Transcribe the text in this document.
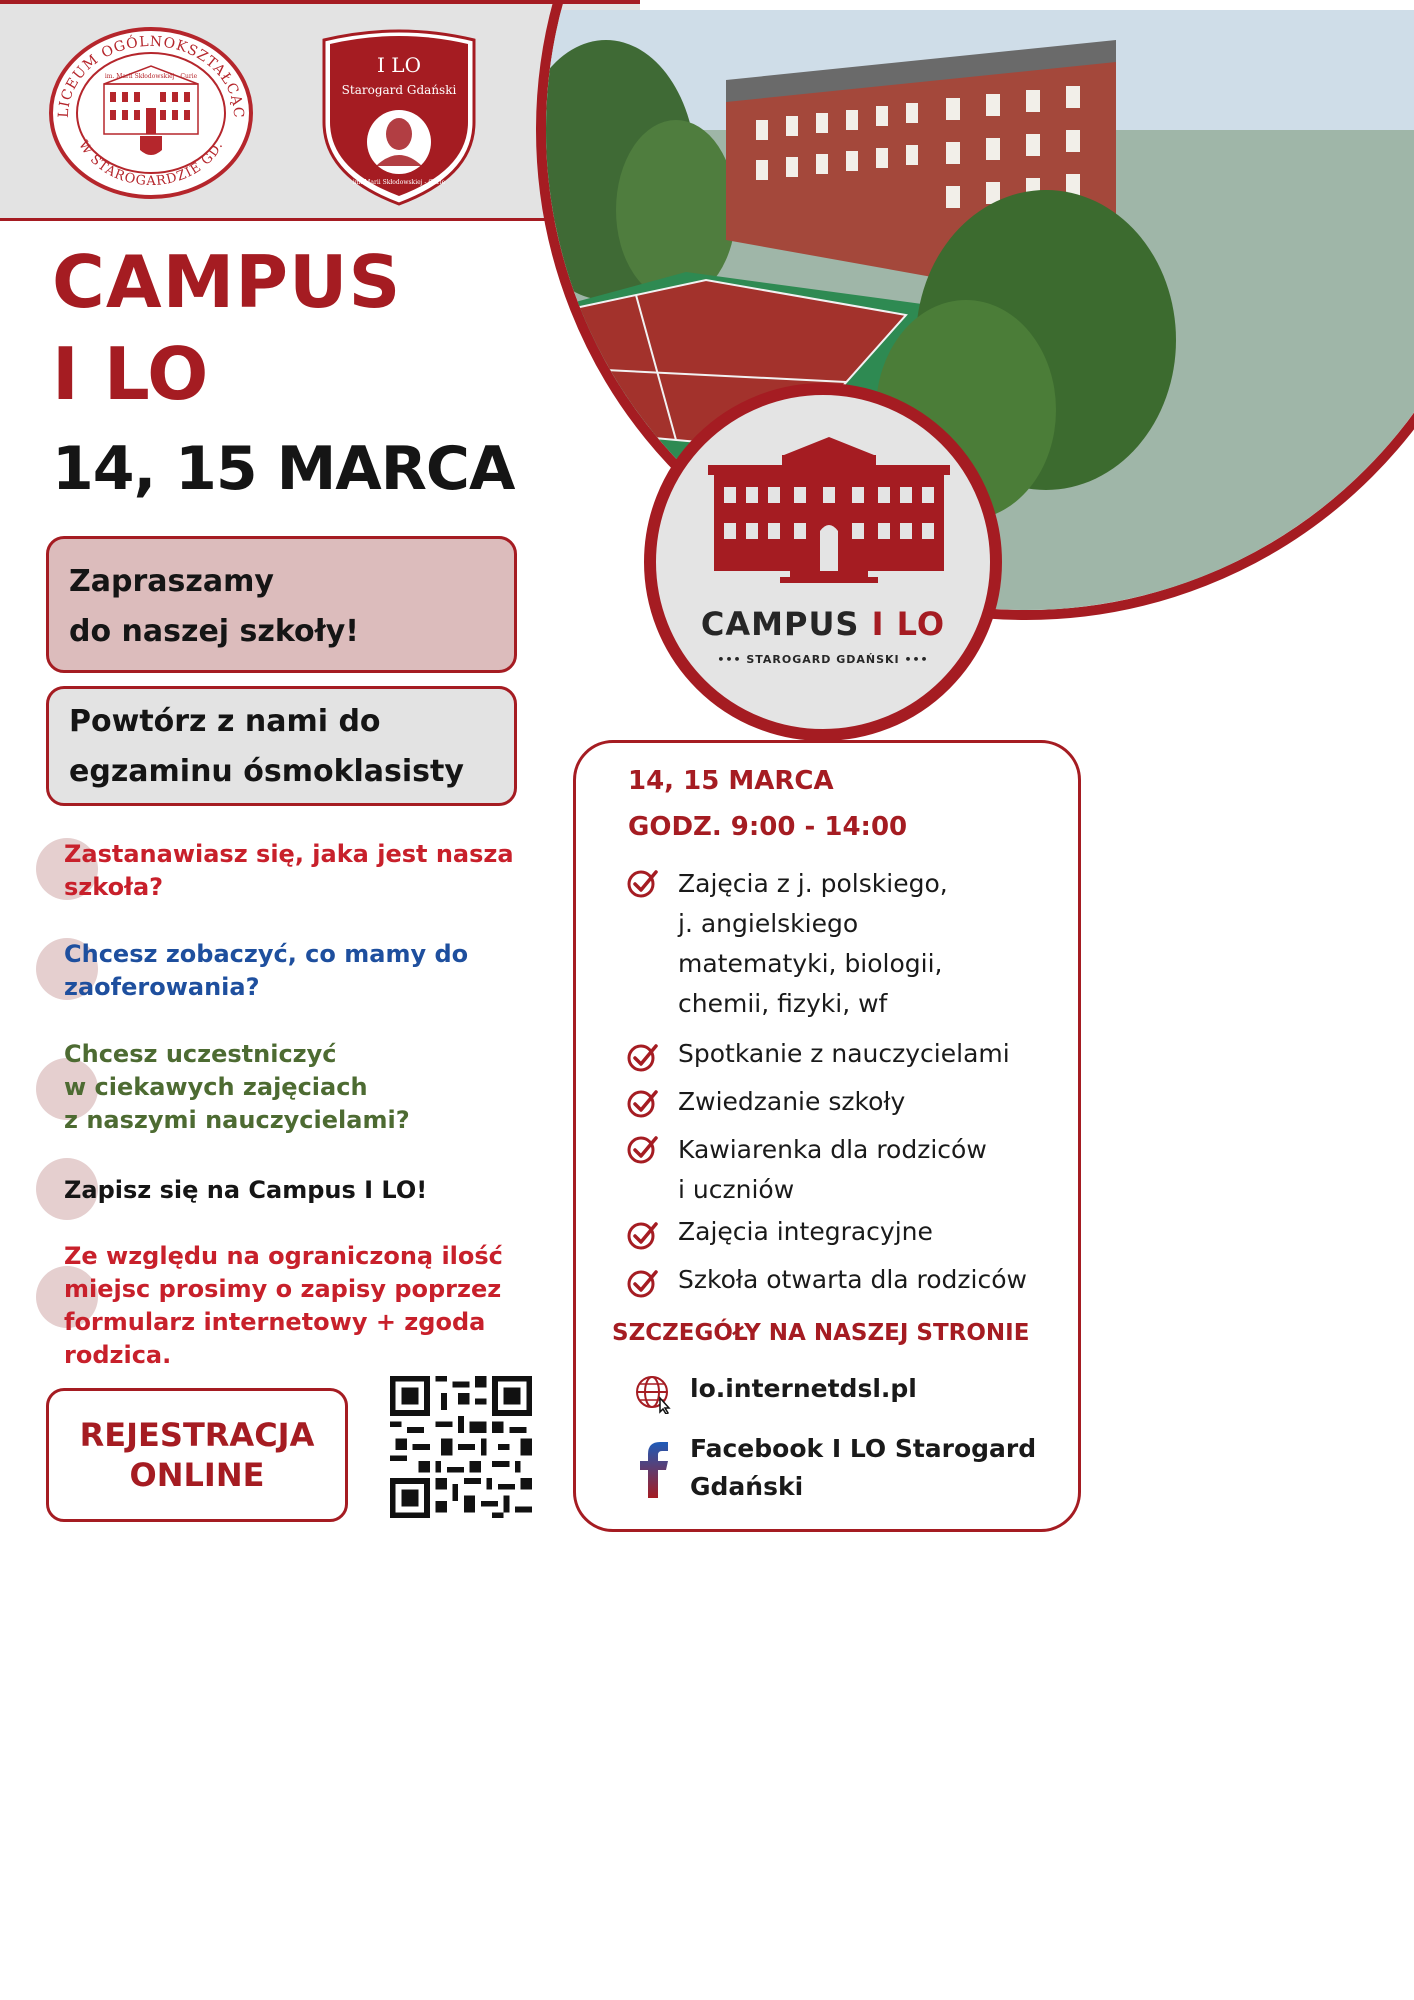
LICEUM OGÓLNOKSZTAŁCĄC
W STAROGARDZIE GD.
im. Marii Skłodowskiej - Curie	I LO
Starogard Gdański
im. Marii Skłodowskiej - Curie
CAMPUS I LO
••• STAROGARD GDAŃSKI •••
CAMPUS
I LO
14, 15 MARCA
Zapraszamy
do naszej szkoły!
Powtórz z nami do
egzaminu ósmoklasisty
Zastanawiasz się, jaka jest nasza
szkoła?
Chcesz zobaczyć, co mamy do
zaoferowania?
Chcesz uczestniczyć
w ciekawych zajęciach
z naszymi nauczycielami?
Zapisz się na Campus I LO!
Ze względu na ograniczoną ilość
miejsc prosimy o zapisy poprzez
formularz internetowy + zgoda
rodzica.
REJESTRACJA
ONLINE
14, 15 MARCA
GODZ. 9:00 - 14:00
Zajęcia z j. polskiego,
j. angielskiego
matematyki, biologii,
chemii, fizyki, wf
Spotkanie z nauczycielami
Zwiedzanie szkoły
Kawiarenka dla rodziców
i uczniów
Zajęcia integracyjne
Szkoła otwarta dla rodziców
SZCZEGÓŁY NA NASZEJ STRONIE
lo.internetdsl.pl
Facebook I LO Starogard
Gdański
